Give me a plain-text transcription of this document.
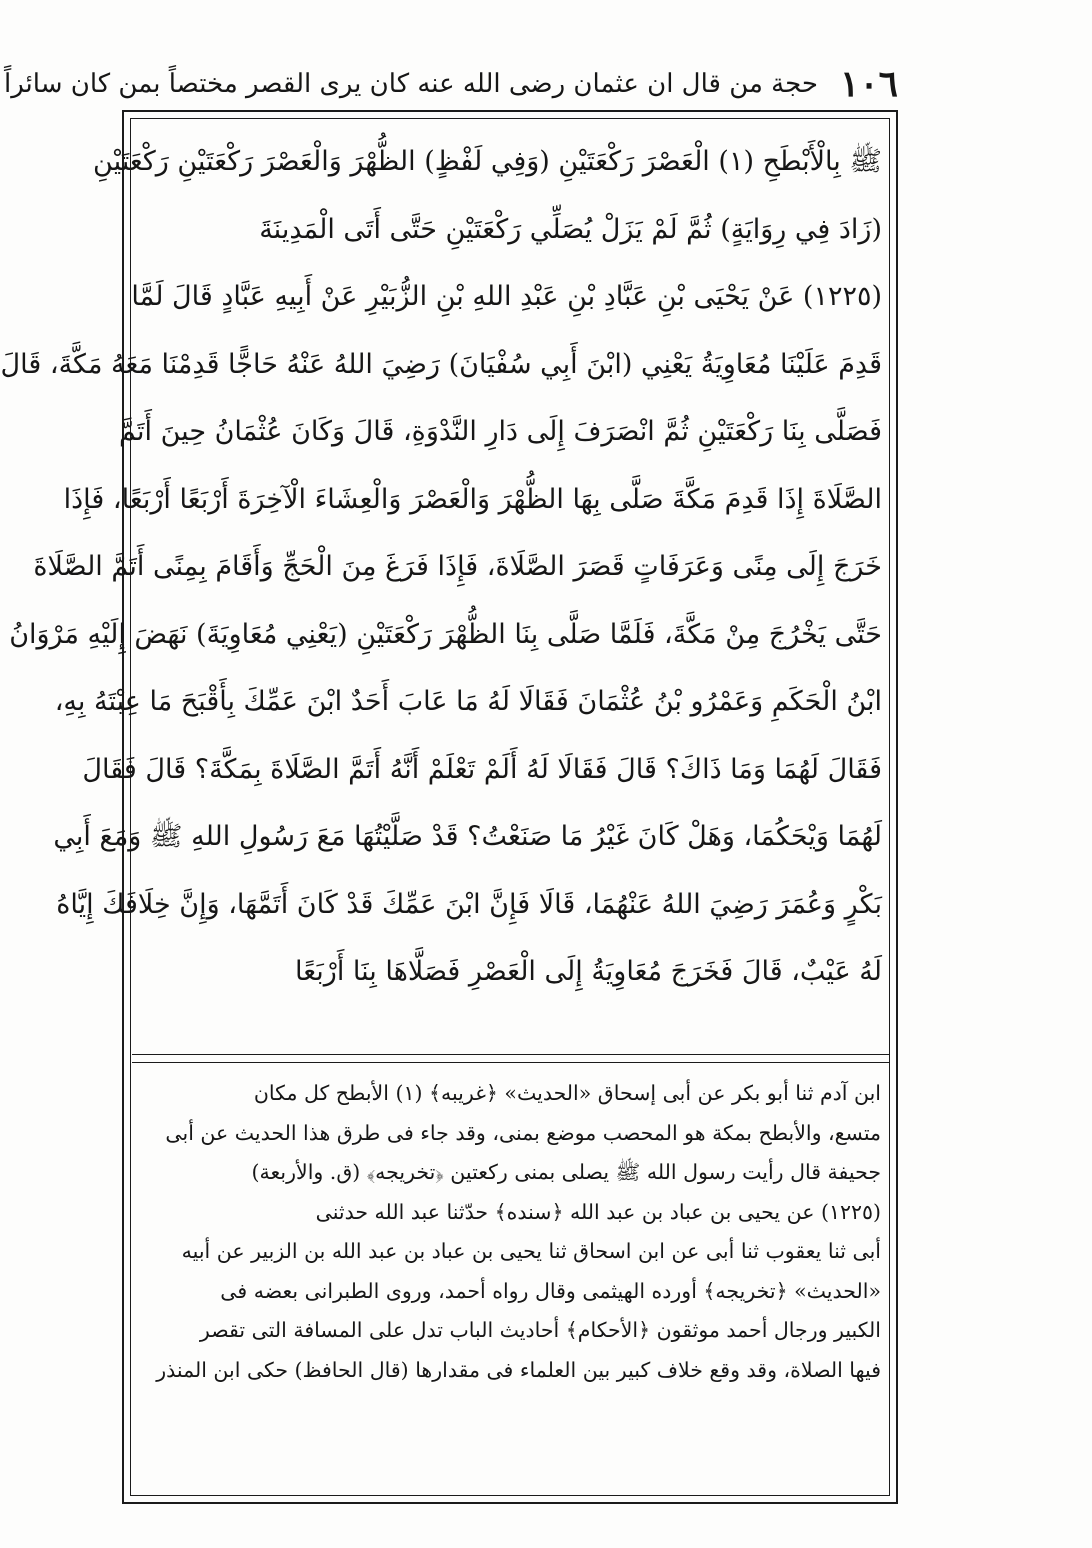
١٠٦
حجة من قال ان عثمان رضى الله عنه كان يرى القصر مختصاً بمن كان سائراً
ﷺ بِالْأَبْطَحِ (١) الْعَصْرَ رَكْعَتَيْنِ (وَفِي لَفْظٍ) الظُّهْرَ وَالْعَصْرَ رَكْعَتَيْنِ رَكْعَتَيْنِ
(زَادَ فِي رِوَايَةٍ) ثُمَّ لَمْ يَزَلْ يُصَلِّي رَكْعَتَيْنِ حَتَّى أَتَى الْمَدِينَةَ
(١٢٢٥) عَنْ يَحْيَى بْنِ عَبَّادِ بْنِ عَبْدِ اللهِ بْنِ الزُّبَيْرِ عَنْ أَبِيهِ عَبَّادٍ قَالَ لَمَّا
قَدِمَ عَلَيْنَا مُعَاوِيَةُ يَعْنِي (ابْنَ أَبِي سُفْيَانَ) رَضِيَ اللهُ عَنْهُ حَاجًّا قَدِمْنَا مَعَهُ مَكَّةَ، قَالَ
فَصَلَّى بِنَا رَكْعَتَيْنِ ثُمَّ انْصَرَفَ إِلَى دَارِ النَّدْوَةِ، قَالَ وَكَانَ عُثْمَانُ حِينَ أَتَمَّ
الصَّلَاةَ إِذَا قَدِمَ مَكَّةَ صَلَّى بِهَا الظُّهْرَ وَالْعَصْرَ وَالْعِشَاءَ الْآخِرَةَ أَرْبَعًا أَرْبَعًا، فَإِذَا
خَرَجَ إِلَى مِنًى وَعَرَفَاتٍ قَصَرَ الصَّلَاةَ، فَإِذَا فَرَغَ مِنَ الْحَجِّ وَأَقَامَ بِمِنًى أَتَمَّ الصَّلَاةَ
حَتَّى يَخْرُجَ مِنْ مَكَّةَ، فَلَمَّا صَلَّى بِنَا الظُّهْرَ رَكْعَتَيْنِ (يَعْنِي مُعَاوِيَةَ) نَهَضَ إِلَيْهِ مَرْوَانُ
ابْنُ الْحَكَمِ وَعَمْرُو بْنُ عُثْمَانَ فَقَالَا لَهُ مَا عَابَ أَحَدٌ ابْنَ عَمِّكَ بِأَقْبَحَ مَا عِبْتَهُ بِهِ،
فَقَالَ لَهُمَا وَمَا ذَاكَ؟ قَالَ فَقَالَا لَهُ أَلَمْ تَعْلَمْ أَنَّهُ أَتَمَّ الصَّلَاةَ بِمَكَّةَ؟ قَالَ فَقَالَ
لَهُمَا وَيْحَكُمَا، وَهَلْ كَانَ غَيْرُ مَا صَنَعْتُ؟ قَدْ صَلَّيْتُهَا مَعَ رَسُولِ اللهِ ﷺ وَمَعَ أَبِي
بَكْرٍ وَعُمَرَ رَضِيَ اللهُ عَنْهُمَا، قَالَا فَإِنَّ ابْنَ عَمِّكَ قَدْ كَانَ أَتَمَّهَا، وَإِنَّ خِلَافَكَ إِيَّاهُ
لَهُ عَيْبٌ، قَالَ فَخَرَجَ مُعَاوِيَةُ إِلَى الْعَصْرِ فَصَلَّاهَا بِنَا أَرْبَعًا
ابن آدم ثنا أبو بكر عن أبى إسحاق «الحديث» ﴿غريبه﴾ (١) الأبطح كل مكان
متسع، والأبطح بمكة هو المحصب موضع بمنى، وقد جاء فى طرق هذا الحديث عن أبى
جحيفة قال رأيت رسول الله ﷺ يصلى بمنى ركعتين ﴿تخريجه﴾ (ق. والأربعة)
(١٢٢٥) عن يحيى بن عباد بن عبد الله ﴿سنده﴾ حدّثنا عبد الله حدثنى
أبى ثنا يعقوب ثنا أبى عن ابن اسحاق ثنا يحيى بن عباد بن عبد الله بن الزبير عن أبيه
«الحديث» ﴿تخريجه﴾ أورده الهيثمى وقال رواه أحمد، وروى الطبرانى بعضه فى
الكبير ورجال أحمد موثقون ﴿الأحكام﴾ أحاديث الباب تدل على المسافة التى تقصر
فيها الصلاة، وقد وقع خلاف كبير بين العلماء فى مقدارها (قال الحافظ) حكى ابن المنذر
